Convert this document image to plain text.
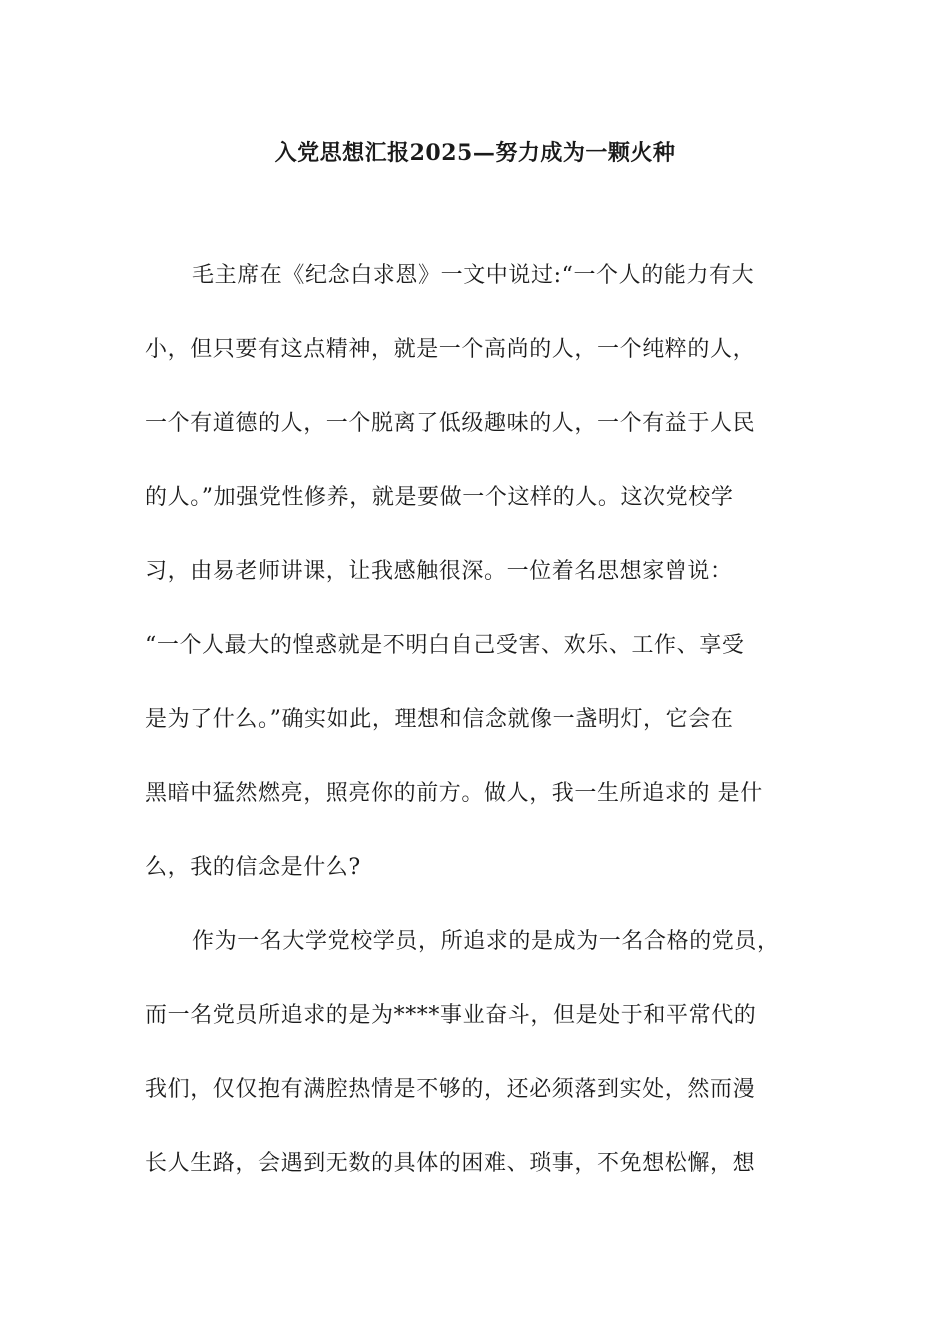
入党思想汇报2025—努力成为一颗火种
毛主席在《纪念白求恩》一文中说过:“一个人的能力有大
小，但只要有这点精神，就是一个高尚的人，一个纯粹的人，
一个有道德的人，一个脱离了低级趣味的人，一个有益于人民
的人。”加强党性修养，就是要做一个这样的人。这次党校学
习，由易老师讲课，让我感触很深。一位着名思想家曾说：
“一个人最大的惶惑就是不明白自己受害、欢乐、工作、享受
是为了什么。”确实如此，理想和信念就像一盏明灯，它会在
黑暗中猛然燃亮，照亮你的前方。做人，我一生所追求的 是什
么，我的信念是什么?
作为一名大学党校学员，所追求的是成为一名合格的党员，
而一名党员所追求的是为****事业奋斗，但是处于和平常代的
我们，仅仅抱有满腔热情是不够的，还必须落到实处，然而漫
长人生路，会遇到无数的具体的困难、琐事，不免想松懈，想
